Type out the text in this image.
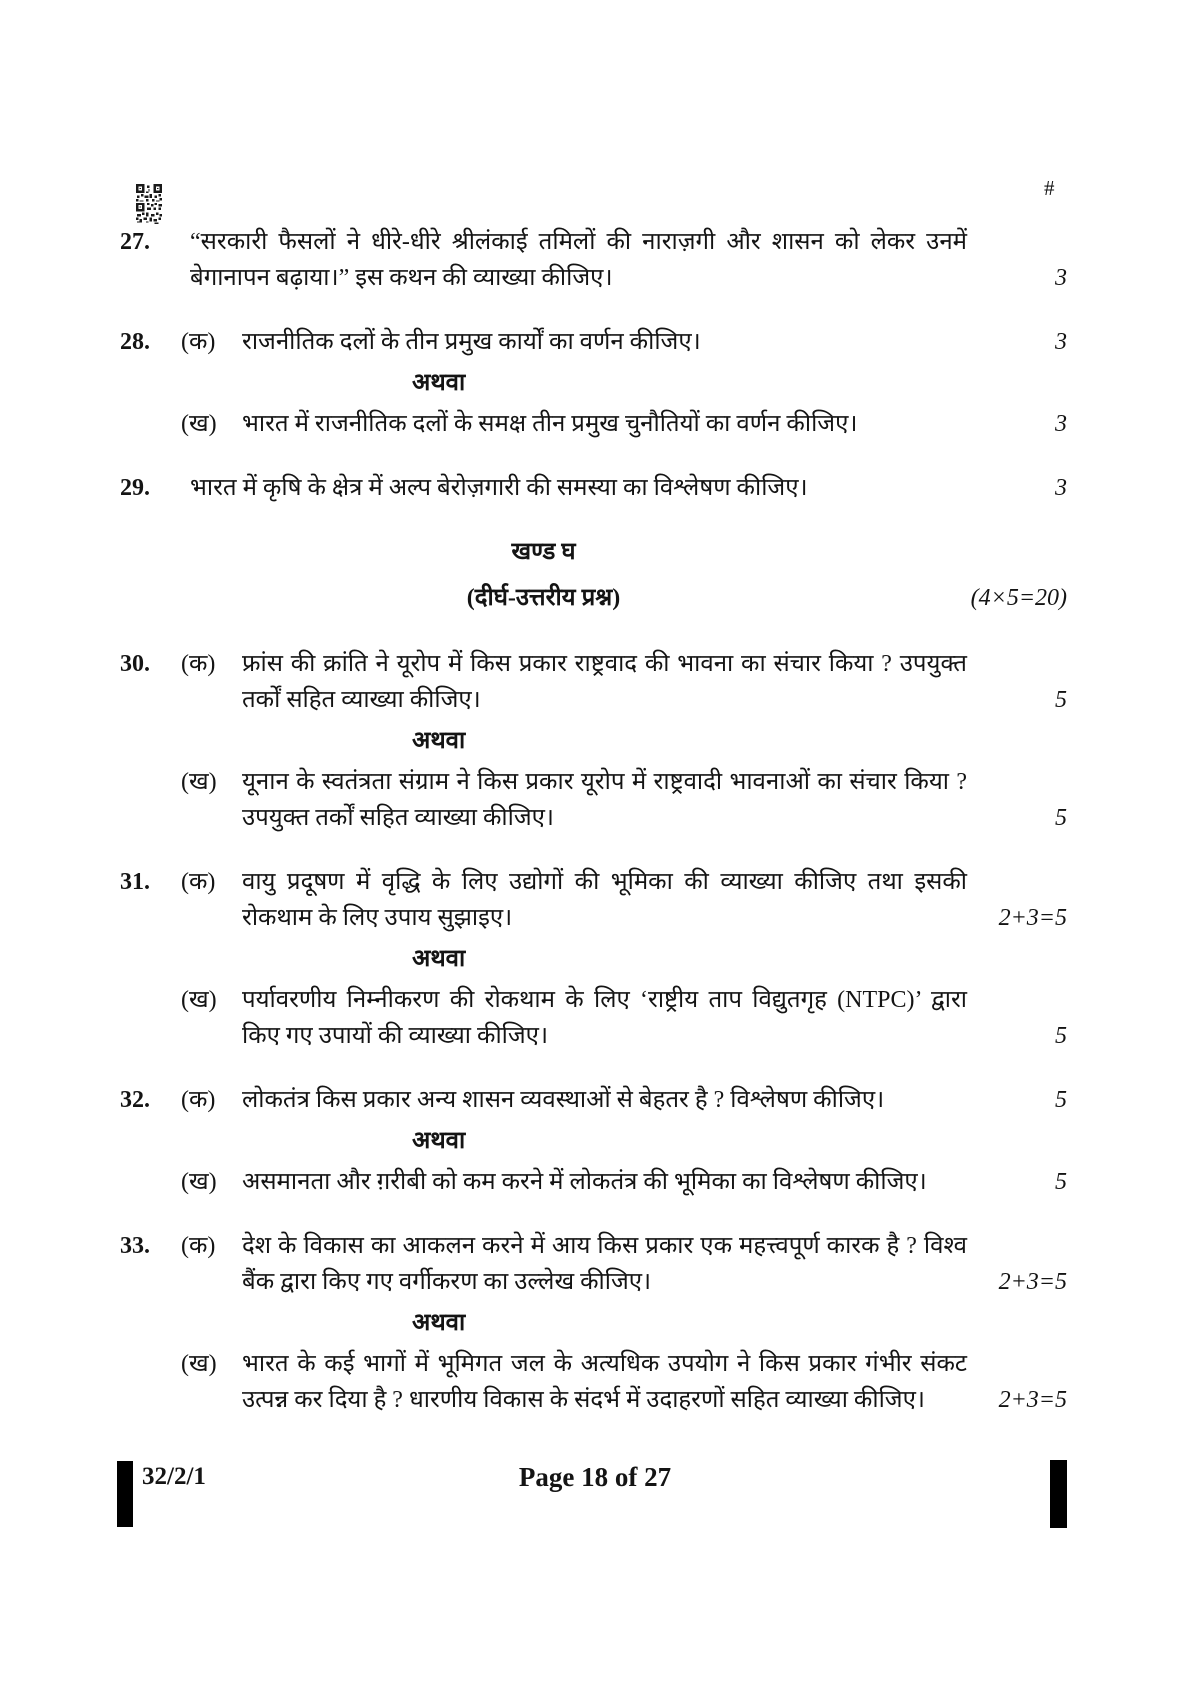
#
27.	“सरकारी फैसलों ने धीरे-धीरे श्रीलंकाई तमिलों की नाराज़गी और शासन को लेकर उनमें बेगानापन बढ़ाया।” इस कथन की व्याख्या कीजिए।	3
28.	(क)	राजनीतिक दलों के तीन प्रमुख कार्यों का वर्णन कीजिए।	3
अथवा
(ख)	भारत में राजनीतिक दलों के समक्ष तीन प्रमुख चुनौतियों का वर्णन कीजिए।	3
29.	भारत में कृषि के क्षेत्र में अल्प बेरोज़गारी की समस्या का विश्लेषण कीजिए।	3
खण्ड घ
(दीर्घ-उत्तरीय प्रश्न)	(4×5=20)
30.	(क)	फ्रांस की क्रांति ने यूरोप में किस प्रकार राष्ट्रवाद की भावना का संचार किया ? उपयुक्त तर्कों सहित व्याख्या कीजिए।	5
अथवा
(ख)	यूनान के स्वतंत्रता संग्राम ने किस प्रकार यूरोप में राष्ट्रवादी भावनाओं का संचार किया ? उपयुक्त तर्कों सहित व्याख्या कीजिए।	5
31.	(क)	वायु प्रदूषण में वृद्धि के लिए उद्योगों की भूमिका की व्याख्या कीजिए तथा इसकी रोकथाम के लिए उपाय सुझाइए।	2+3=5
अथवा
(ख)	पर्यावरणीय निम्नीकरण की रोकथाम के लिए ‘राष्ट्रीय ताप विद्युतगृह (NTPC)’ द्वारा किए गए उपायों की व्याख्या कीजिए।	5
32.	(क)	लोकतंत्र किस प्रकार अन्य शासन व्यवस्थाओं से बेहतर है ? विश्लेषण कीजिए।	5
अथवा
(ख)	असमानता और ग़रीबी को कम करने में लोकतंत्र की भूमिका का विश्लेषण कीजिए।	5
33.	(क)	देश के विकास का आकलन करने में आय किस प्रकार एक महत्त्वपूर्ण कारक है ? विश्व बैंक द्वारा किए गए वर्गीकरण का उल्लेख कीजिए।	2+3=5
अथवा
(ख)	भारत के कई भागों में भूमिगत जल के अत्यधिक उपयोग ने किस प्रकार गंभीर संकट उत्पन्न कर दिया है ? धारणीय विकास के संदर्भ में उदाहरणों सहित व्याख्या कीजिए।	2+3=5
32/2/1	Page 18 of 27
